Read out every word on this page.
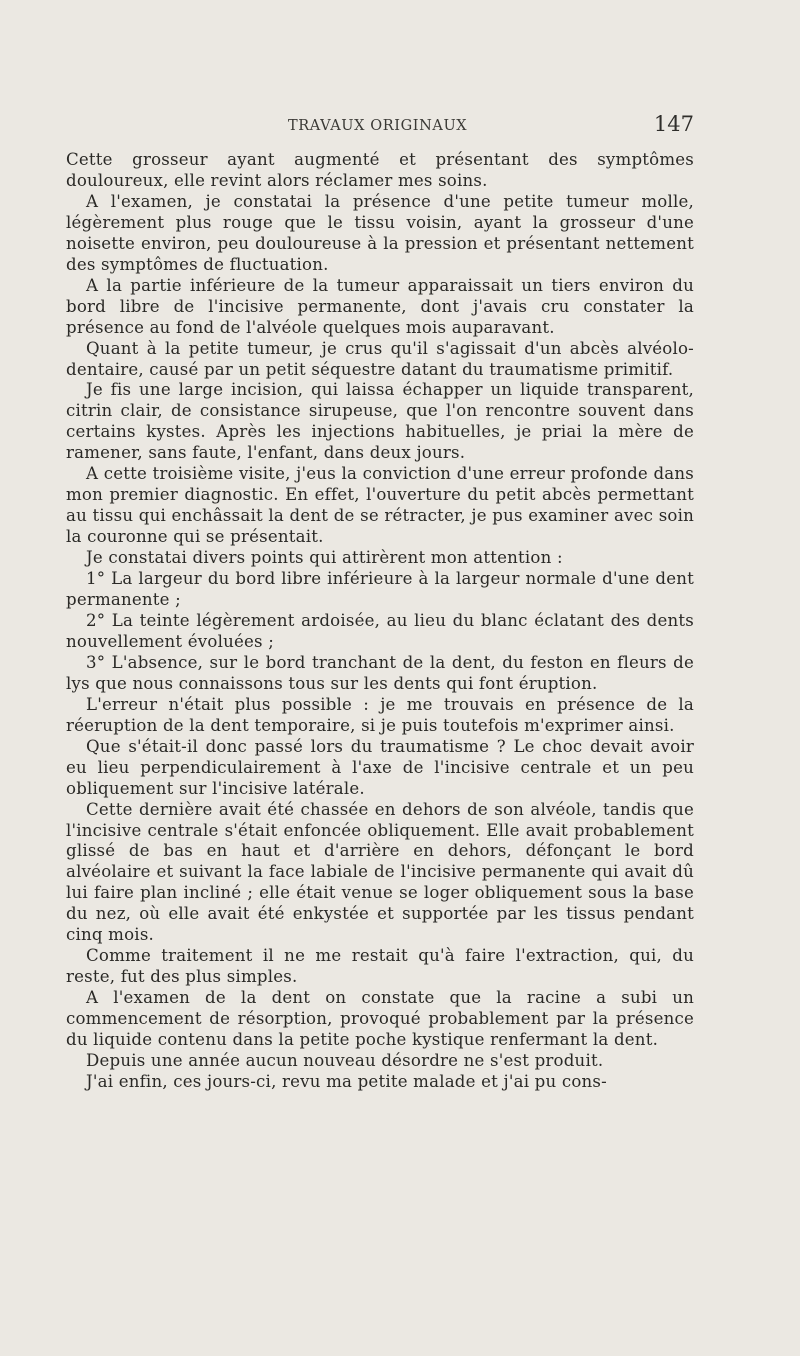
TRAVAUX ORIGINAUX	147

Cette grosseur ayant augmenté et présentant des symptômes douloureux, elle revint alors réclamer mes soins.

A l'examen, je constatai la présence d'une petite tumeur molle, légèrement plus rouge que le tissu voisin, ayant la grosseur d'une noisette environ, peu douloureuse à la pression et présentant nettement des symptômes de fluctuation.

A la partie inférieure de la tumeur apparaissait un tiers environ du bord libre de l'incisive permanente, dont j'avais cru constater la présence au fond de l'alvéole quelques mois auparavant.

Quant à la petite tumeur, je crus qu'il s'agissait d'un abcès alvéolo-dentaire, causé par un petit séquestre datant du traumatisme primitif.

Je fis une large incision, qui laissa échapper un liquide transparent, citrin clair, de consistance sirupeuse, que l'on rencontre souvent dans certains kystes. Après les injections habituelles, je priai la mère de ramener, sans faute, l'enfant, dans deux jours.

A cette troisième visite, j'eus la conviction d'une erreur profonde dans mon premier diagnostic. En effet, l'ouverture du petit abcès permettant au tissu qui enchâssait la dent de se rétracter, je pus examiner avec soin la couronne qui se présentait.

Je constatai divers points qui attirèrent mon attention :

1° La largeur du bord libre inférieure à la largeur normale d'une dent permanente ;

2° La teinte légèrement ardoisée, au lieu du blanc éclatant des dents nouvellement évoluées ;

3° L'absence, sur le bord tranchant de la dent, du feston en fleurs de lys que nous connaissons tous sur les dents qui font éruption.

L'erreur n'était plus possible : je me trouvais en présence de la réeruption de la dent temporaire, si je puis toutefois m'exprimer ainsi.

Que s'était-il donc passé lors du traumatisme ? Le choc devait avoir eu lieu perpendiculairement à l'axe de l'incisive centrale et un peu obliquement sur l'incisive latérale.

Cette dernière avait été chassée en dehors de son alvéole, tandis que l'incisive centrale s'était enfoncée obliquement. Elle avait probablement glissé de bas en haut et d'arrière en dehors, défonçant le bord alvéolaire et suivant la face labiale de l'incisive permanente qui avait dû lui faire plan incliné ; elle était venue se loger obliquement sous la base du nez, où elle avait été enkystée et supportée par les tissus pendant cinq mois.

Comme traitement il ne me restait qu'à faire l'extraction, qui, du reste, fut des plus simples.

A l'examen de la dent on constate que la racine a subi un commencement de résorption, provoqué probablement par la présence du liquide contenu dans la petite poche kystique renfermant la dent.

Depuis une année aucun nouveau désordre ne s'est produit.

J'ai enfin, ces jours-ci, revu ma petite malade et j'ai pu cons-
